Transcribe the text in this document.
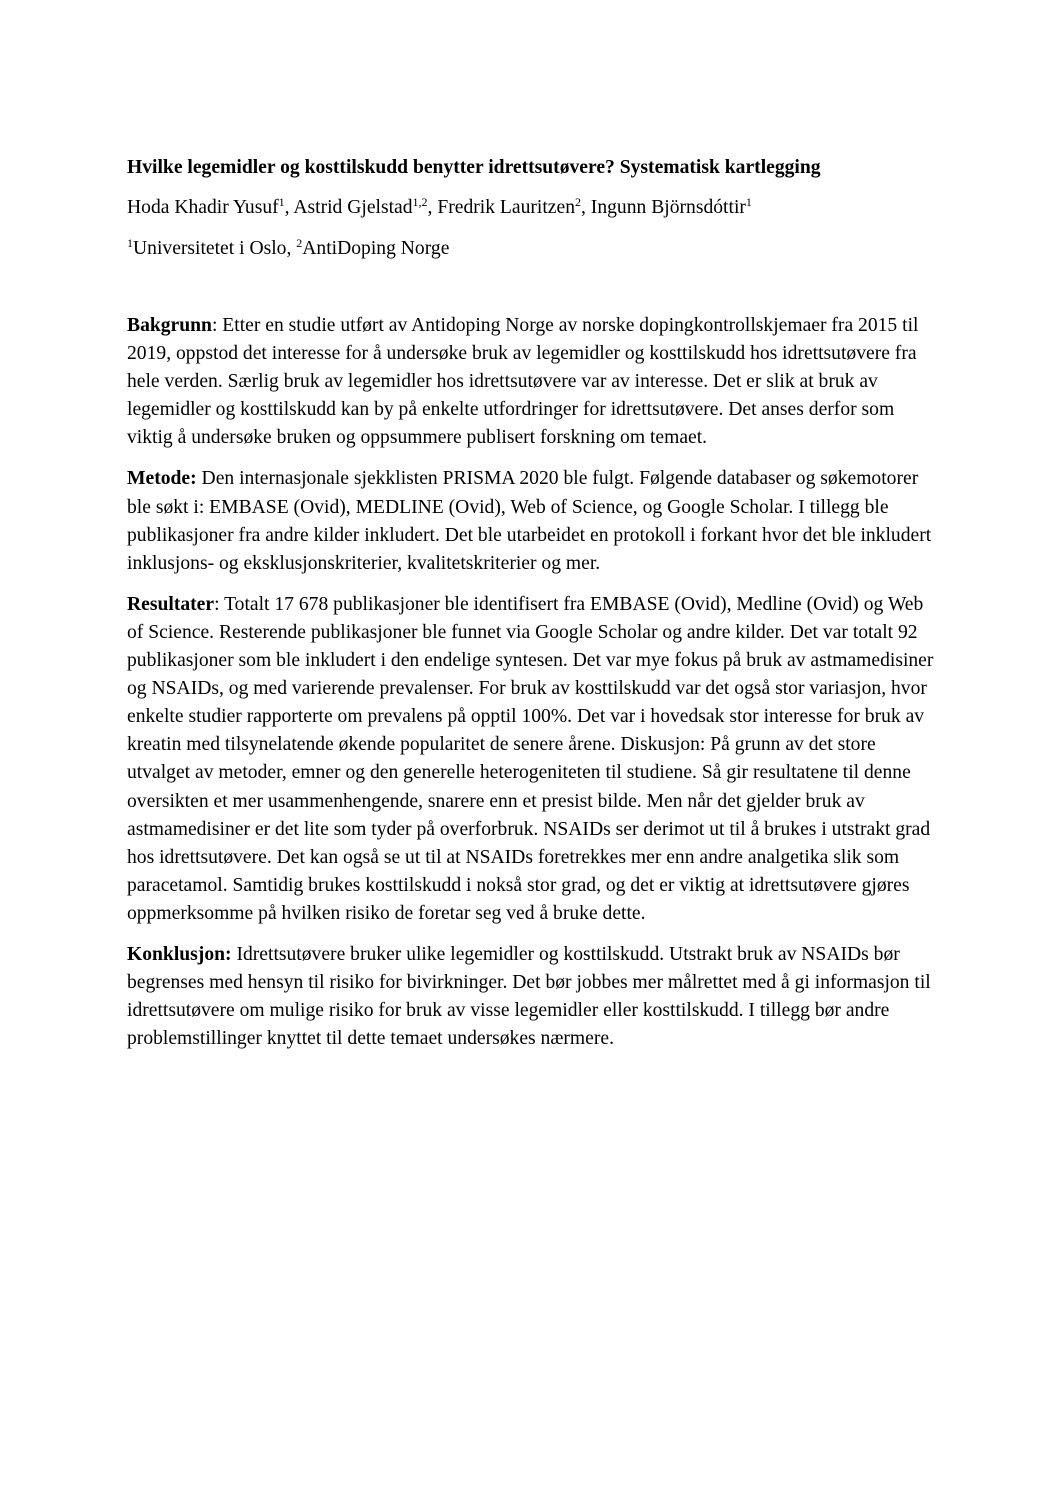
Hvilke legemidler og kosttilskudd benytter idrettsutøvere? Systematisk kartlegging

Hoda Khadir Yusuf$^1$, Astrid Gjelstad$^{1,2}$, Fredrik Lauritzen$^2$, Ingunn Björnsdóttir$^1$

$^1$Universitetet i Oslo, $^2$AntiDoping Norge

Bakgrunn: Etter en studie utført av Antidoping Norge av norske dopingkontrollskjemaer fra 2015 til 2019, oppstod det interesse for å undersøke bruk av legemidler og kosttilskudd hos idrettsutøvere fra hele verden. Særlig bruk av legemidler hos idrettsutøvere var av interesse. Det er slik at bruk av legemidler og kosttilskudd kan by på enkelte utfordringer for idrettsutøvere. Det anses derfor som viktig å undersøke bruken og oppsummere publisert forskning om temaet.

Metode: Den internasjonale sjekklisten PRISMA 2020 ble fulgt. Følgende databaser og søkemotorer ble søkt i: EMBASE (Ovid), MEDLINE (Ovid), Web of Science, og Google Scholar. I tillegg ble publikasjoner fra andre kilder inkludert. Det ble utarbeidet en protokoll i forkant hvor det ble inkludert inklusjons- og eksklusjonskriterier, kvalitetskriterier og mer.

Resultater: Totalt 17 678 publikasjoner ble identifisert fra EMBASE (Ovid), Medline (Ovid) og Web of Science. Resterende publikasjoner ble funnet via Google Scholar og andre kilder. Det var totalt 92 publikasjoner som ble inkludert i den endelige syntesen. Det var mye fokus på bruk av astmamedisiner og NSAIDs, og med varierende prevalenser. For bruk av kosttilskudd var det også stor variasjon, hvor enkelte studier rapporterte om prevalens på opptil 100%. Det var i hovedsak stor interesse for bruk av kreatin med tilsynelatende økende popularitet de senere årene. Diskusjon: På grunn av det store utvalget av metoder, emner og den generelle heterogeniteten til studiene. Så gir resultatene til denne oversikten et mer usammenhengende, snarere enn et presist bilde. Men når det gjelder bruk av astmamedisiner er det lite som tyder på overforbruk. NSAIDs ser derimot ut til å brukes i utstrakt grad hos idrettsutøvere. Det kan også se ut til at NSAIDs foretrekkes mer enn andre analgetika slik som paracetamol. Samtidig brukes kosttilskudd i nokså stor grad, og det er viktig at idrettsutøvere gjøres oppmerksomme på hvilken risiko de foretar seg ved å bruke dette.

Konklusjon: Idrettsutøvere bruker ulike legemidler og kosttilskudd. Utstrakt bruk av NSAIDs bør begrenses med hensyn til risiko for bivirkninger. Det bør jobbes mer målrettet med å gi informasjon til idrettsutøvere om mulige risiko for bruk av visse legemidler eller kosttilskudd. I tillegg bør andre problemstillinger knyttet til dette temaet undersøkes nærmere.
